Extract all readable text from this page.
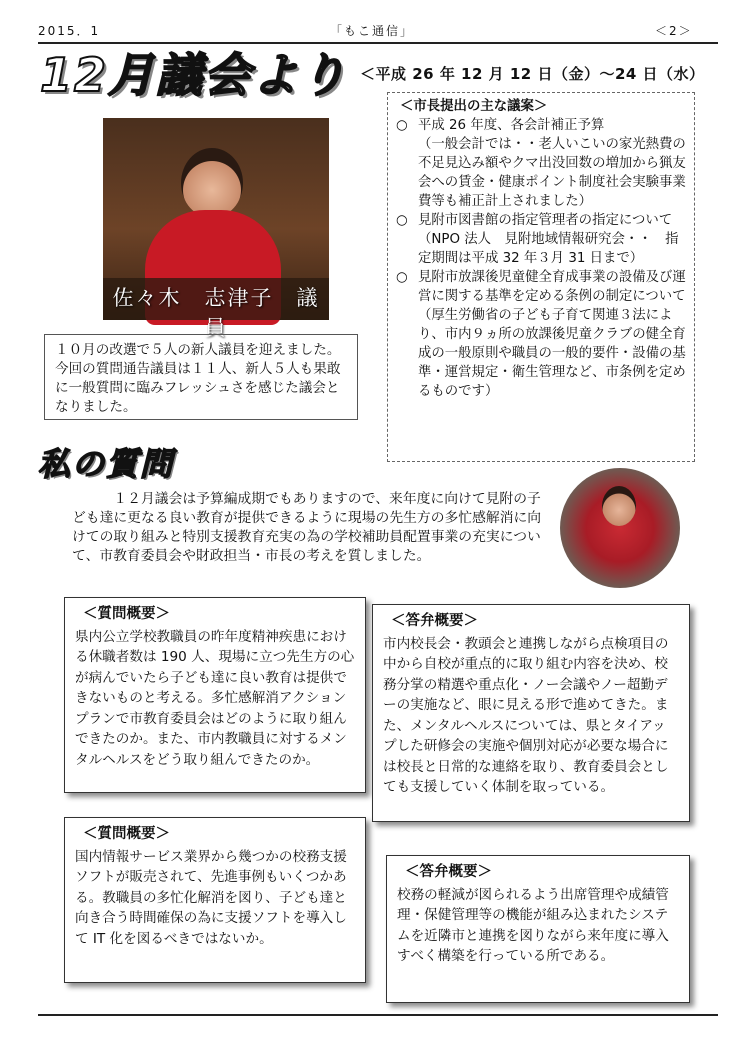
2015．1	「もこ通信」	＜2＞
12月議会より ＜平成 26 年 12 月 12 日（金）～24 日（水）
佐々木　志津子　議員
１０月の改選で５人の新人議員を迎えました。今回の質問通告議員は１１人、新人５人も果敢に一般質問に臨みフレッシュさを感じた議会となりました。
＜市長提出の主な議案＞
○ 平成 26 年度、各会計補正予算
（一般会計では・・老人いこいの家光熱費の不足見込み額やクマ出没回数の増加から猟友会への賃金・健康ポイント制度社会実験事業費等も補正計上されました）
○ 見附市図書館の指定管理者の指定について
（NPO 法人　見附地域情報研究会・・　指定期間は平成 32 年３月 31 日まで）
○ 見附市放課後児童健全育成事業の設備及び運営に関する基準を定める条例の制定について
（厚生労働省の子ども子育て関連３法により、市内９ヵ所の放課後児童クラブの健全育成の一般原則や職員の一般的要件・設備の基準・運営規定・衛生管理など、市条例を定めるものです）
私の質問
１２月議会は予算編成期でもありますので、来年度に向けて見附の子ども達に更なる良い教育が提供できるように現場の先生方の多忙感解消に向けての取り組みと特別支援教育充実の為の学校補助員配置事業の充実について、市教育委員会や財政担当・市長の考えを質しました。
＜質問概要＞
県内公立学校教職員の昨年度精神疾患における休職者数は 190 人、現場に立つ先生方の心が病んでいたら子ども達に良い教育は提供できないものと考える。多忙感解消アクションプランで市教育委員会はどのように取り組んできたのか。また、市内教職員に対するメンタルヘルスをどう取り組んできたのか。
＜答弁概要＞
市内校長会・教頭会と連携しながら点検項目の中から自校が重点的に取り組む内容を決め、校務分掌の精選や重点化・ノー会議やノー超勤デーの実施など、眼に見える形で進めてきた。また、メンタルヘルスについては、県とタイアップした研修会の実施や個別対応が必要な場合には校長と日常的な連絡を取り、教育委員会としても支援していく体制を取っている。
＜質問概要＞
国内情報サービス業界から幾つかの校務支援ソフトが販売されて、先進事例もいくつかある。教職員の多忙化解消を図り、子ども達と向き合う時間確保の為に支援ソフトを導入して IT 化を図るべきではないか。
＜答弁概要＞
校務の軽減が図られるよう出席管理や成績管理・保健管理等の機能が組み込まれたシステムを近隣市と連携を図りながら来年度に導入すべく構築を行っている所である。
